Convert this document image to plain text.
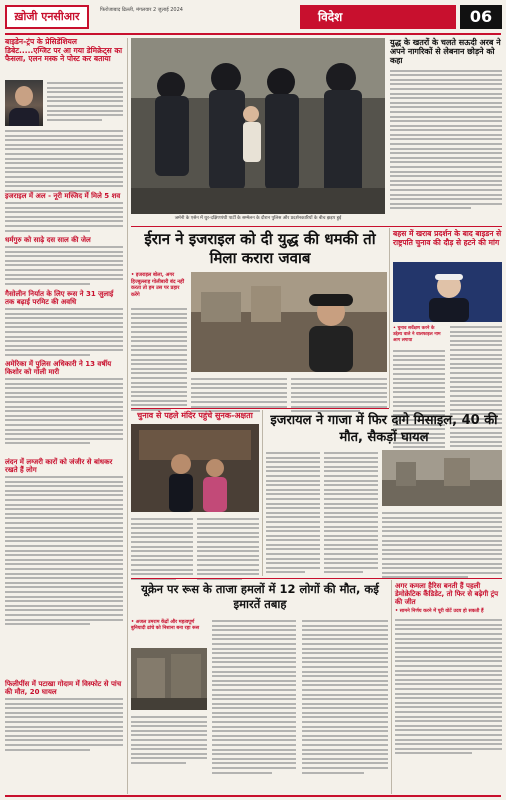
ख़ोजी एनसीआर	फिरोजाबाद ढिल्ली, मंगलवार 2 जुलाई 2024	विदेश	06
बाइडेन-ट्रंप के प्रेसिडेंशियल डिबेट.....एग्जिट पर आ गया डेमिक्रेट्स का फैसला, एलन मस्क ने पोस्ट कर बताया
इजराइल में अल - नूरी मस्जिद में मिले 5 शव
धर्मगुरु को साढ़े दस साल की जेल
गैसोलीन निर्यात के लिए रूस ने 31 जुलाई तक बढ़ाई परमिट की अवधि
अमेरिका में पुलिस अधिकारी ने 13 वर्षीय किशोर को गोली मारी
लंदन में लग्जरी कारों को जंजीर से बांधकर रखते हैं लोग
फिलीपींस में पटाखा गोदाम में विस्फोट से पांच की मौत, 20 घायल
जर्मनी के एसेन में धुर-दक्षिणपंथी पार्टी के सम्मेलन के दौरान पुलिस और प्रदर्शनकारियों के बीच झड़प हुई
युद्ध के खतरों के चलते सऊदी अरब ने अपने नागरिकों से लेबनान छोड़ने को कहा
ईरान ने इजराइल को दी युद्ध की धमकी तो मिला करारा जवाब
• इजराइल बोला, अगर हिज्बुल्लाह गोलीबारी बंद नहीं करता तो हम उस पर प्रहार करेंगे
बहस में खराब प्रदर्शन के बाद बाइडन से राष्ट्रपति चुनाव की दौड़ से हटने की मांग
• चुनाव सर्वेक्षण करने के उद्देश्य वाले ने वालफाइल नाम आग लगाया
चुनाव से पहले मंदिर पहुंचे सुनक-अक्षता	इजरायल ने गाजा में फिर दागे मिसाइल, 40 की मौत, सैकड़ों घायल
यूक्रेन पर रूस के ताजा हमलों में 12 लोगों की मौत, कई इमारतें तबाह
• अजल उमराम केंद्रों और महत्वपूर्ण बुनियादी ढांचे को निशाना बना रहा रूस
अगर कमला हैरिस बनती हैं पहली डेमोक्रेटिक कैंडिडेट, तो फिर से बढ़ेगी ट्रंप की जीत
• सामने निर्णय करने में पूरी वोटें उदय हो सकती हैं
